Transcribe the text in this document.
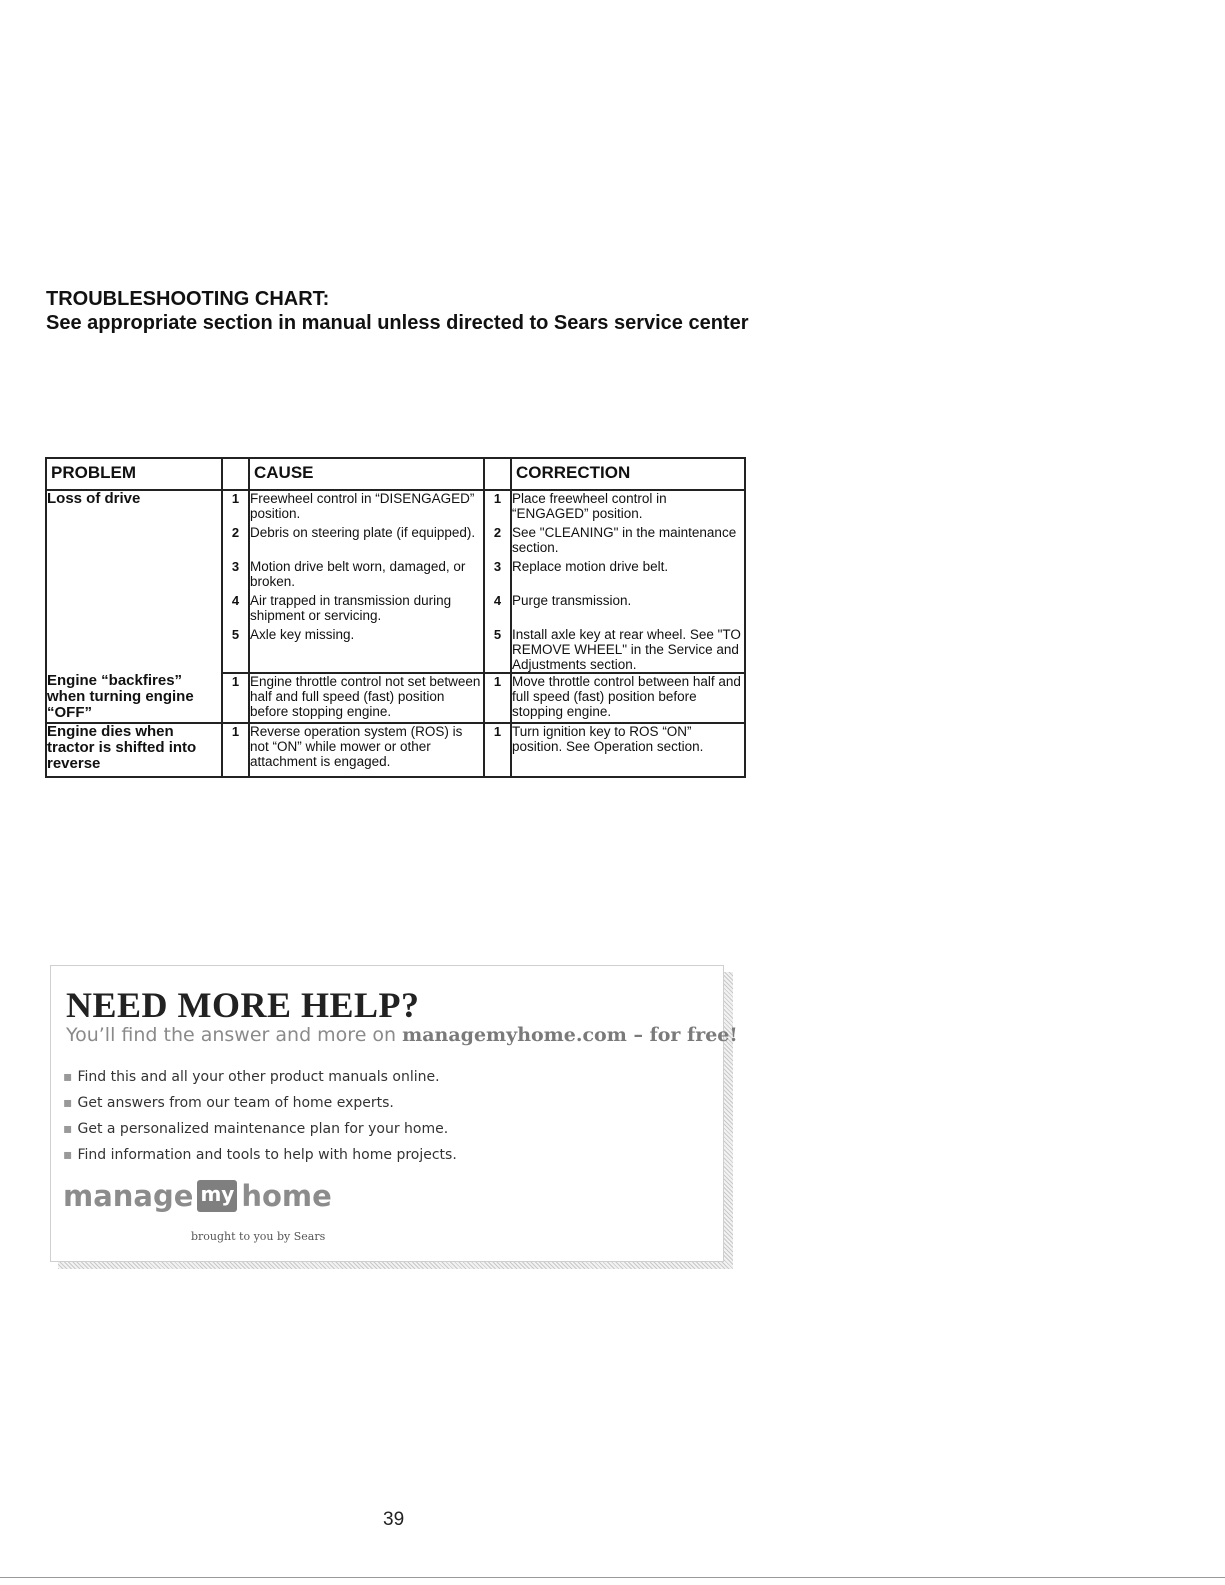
TROUBLESHOOTING CHART:
See appropriate section in manual unless directed to Sears service center
PROBLEM		CAUSE		CORRECTION
Loss of drive	1	Freewheel control in “DISENGAGED” position.	1	Place freewheel control in “ENGAGED” position.
	2	Debris on steering plate (if equipped).	2	See "CLEANING" in the maintenance section.
	3	Motion drive belt worn, damaged, or broken.	3	Replace motion drive belt.
	4	Air trapped in transmission during shipment or servicing.	4	Purge transmission.
	5	Axle key missing.	5	Install axle key at rear wheel. See "TO REMOVE WHEEL" in the Service and Adjustments section.
Engine “backfires” when turning engine “OFF”	1	Engine throttle control not set between half and full speed (fast) position before stopping engine.	1	Move throttle control between half and full speed (fast) position before stopping engine.
Engine dies when tractor is shifted into reverse	1	Reverse operation system (ROS) is not “ON” while mower or other attachment is engaged.	1	Turn ignition key to ROS “ON” position. See Operation section.
NEED MORE HELP?
You’ll find the answer and more on managemyhome.com – for free!
▪ Find this and all your other product manuals online.
▪ Get answers from our team of home experts.
▪ Get a personalized maintenance plan for your home.
▪ Find information and tools to help with home projects.
manage my home
brought to you by Sears
39
